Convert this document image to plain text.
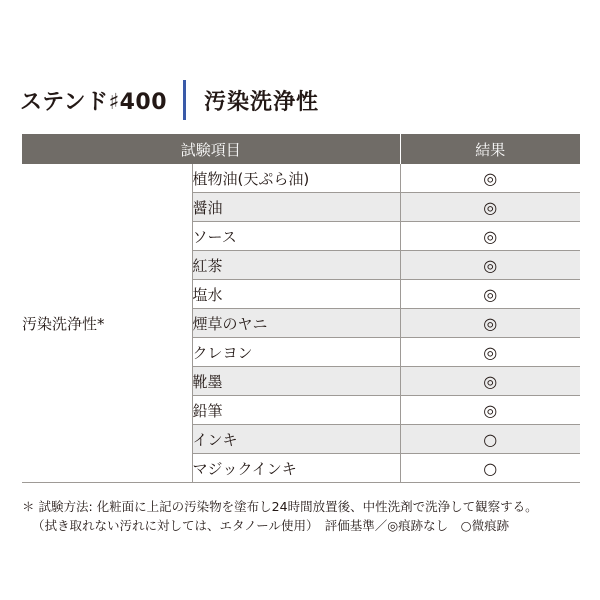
ステンド♯400 汚染洗浄性
試験項目		結果
汚染洗浄性*	植物油(天ぷら油)	◎
	醤油	◎
	ソース	◎
	紅茶	◎
	塩水	◎
	煙草のヤニ	◎
	クレヨン	◎
	靴墨	◎
	鉛筆	◎
	インキ	○
	マジックインキ	○
＊ 試験方法: 化粧面に上記の汚染物を塗布し24時間放置後、中性洗剤で洗浄して観察する。
（拭き取れない汚れに対しては、エタノール使用）　評価基準／◎痕跡なし　○微痕跡
